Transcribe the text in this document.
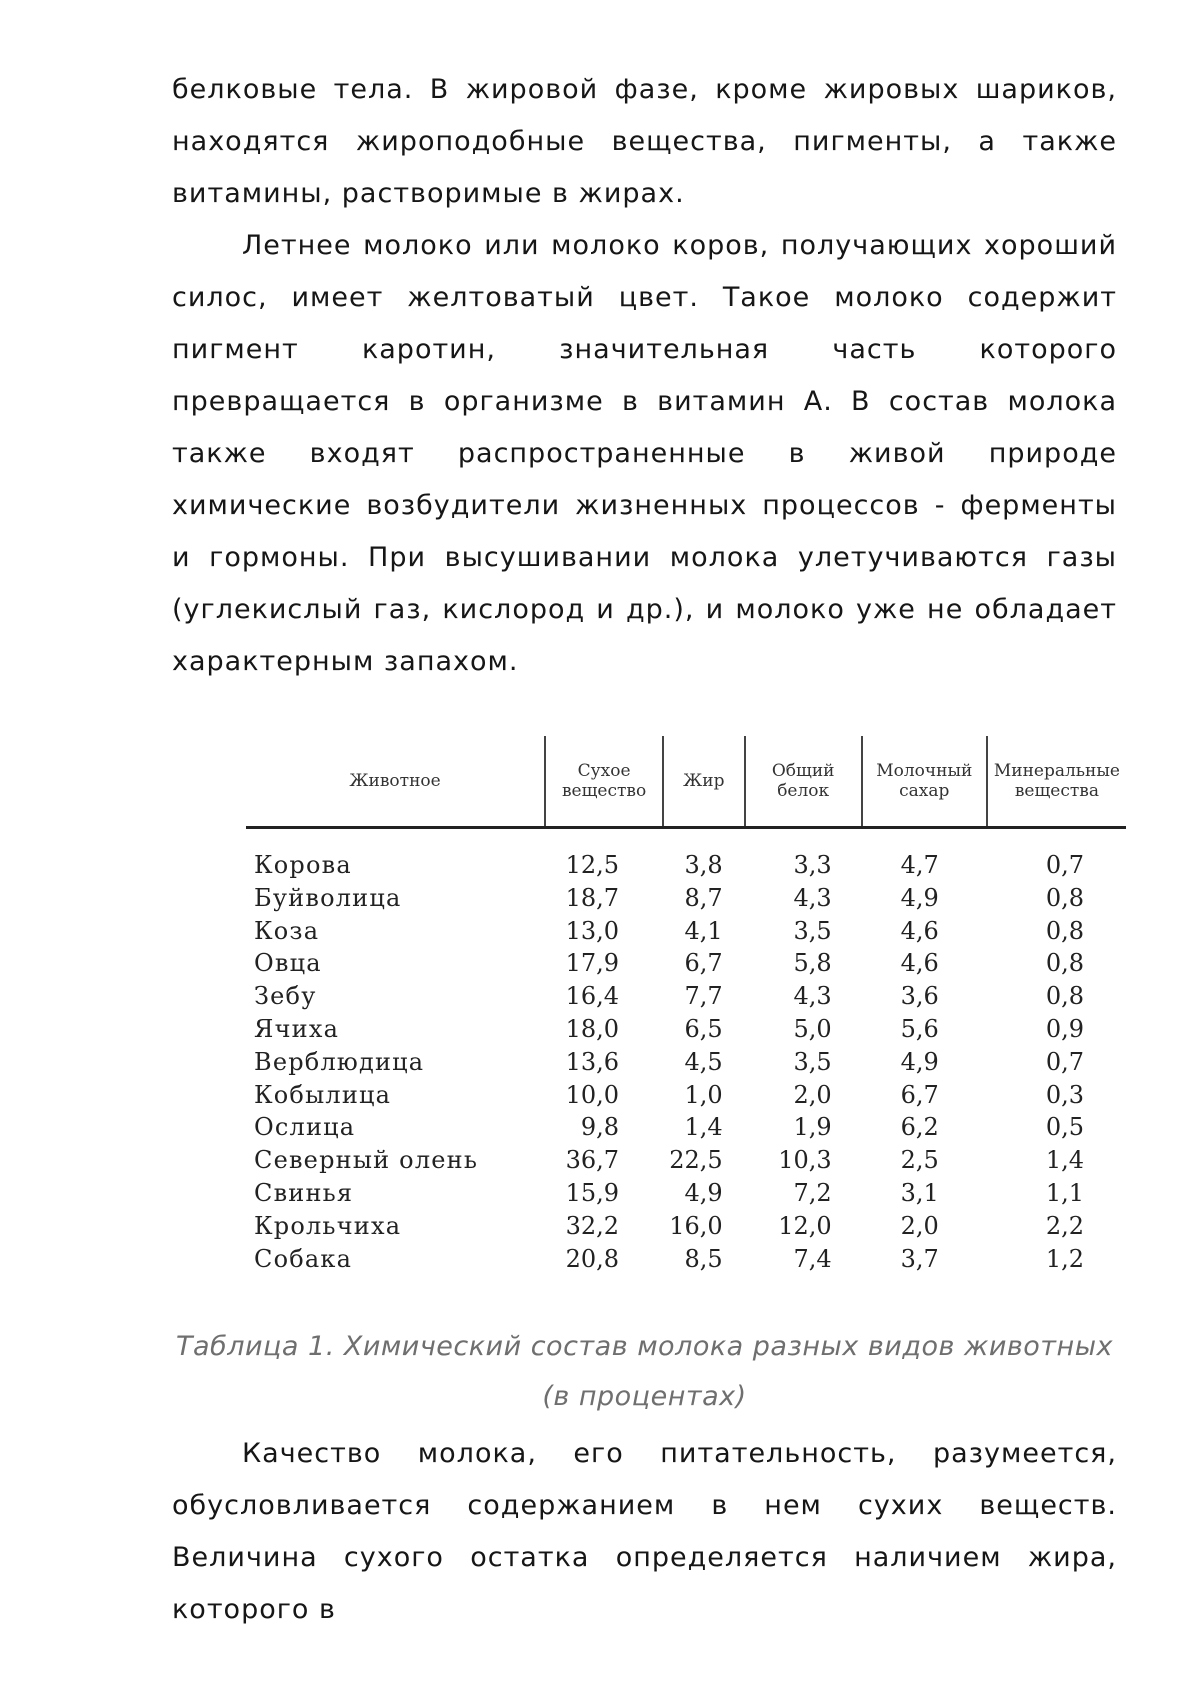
белковые тела. В жировой фазе, кроме жировых шариков, находятся жироподобные вещества, пигменты, а также витамины, растворимые в жирах.

Летнее молоко или молоко коров, получающих хороший силос, имеет желтоватый цвет. Такое молоко содержит пигмент каротин, значительная часть которого превращается в организме в витамин А. В состав молока также входят распространенные в живой природе химические возбудители жизненных процессов - ферменты и гормоны. При высушивании молока улетучиваются газы (углекислый газ, кислород и др.), и молоко уже не обладает характерным запахом.

Животное	Сухое вещество	Жир	Общий белок	Молочный сахар	Минеральные вещества
Корова	12,5	3,8	3,3	4,7	0,7
Буйволица	18,7	8,7	4,3	4,9	0,8
Коза	13,0	4,1	3,5	4,6	0,8
Овца	17,9	6,7	5,8	4,6	0,8
Зебу	16,4	7,7	4,3	3,6	0,8
Ячиха	18,0	6,5	5,0	5,6	0,9
Верблюдица	13,6	4,5	3,5	4,9	0,7
Кобылица	10,0	1,0	2,0	6,7	0,3
Ослица	9,8	1,4	1,9	6,2	0,5
Северный олень	36,7	22,5	10,3	2,5	1,4
Свинья	15,9	4,9	7,2	3,1	1,1
Крольчиха	32,2	16,0	12,0	2,0	2,2
Собака	20,8	8,5	7,4	3,7	1,2
Таблица 1. Химический состав молока разных видов животных
(в процентах)

Качество молока, его питательность, разумеется, обусловливается содержанием в нем сухих веществ. Величина сухого остатка определяется наличием жира, которого в
